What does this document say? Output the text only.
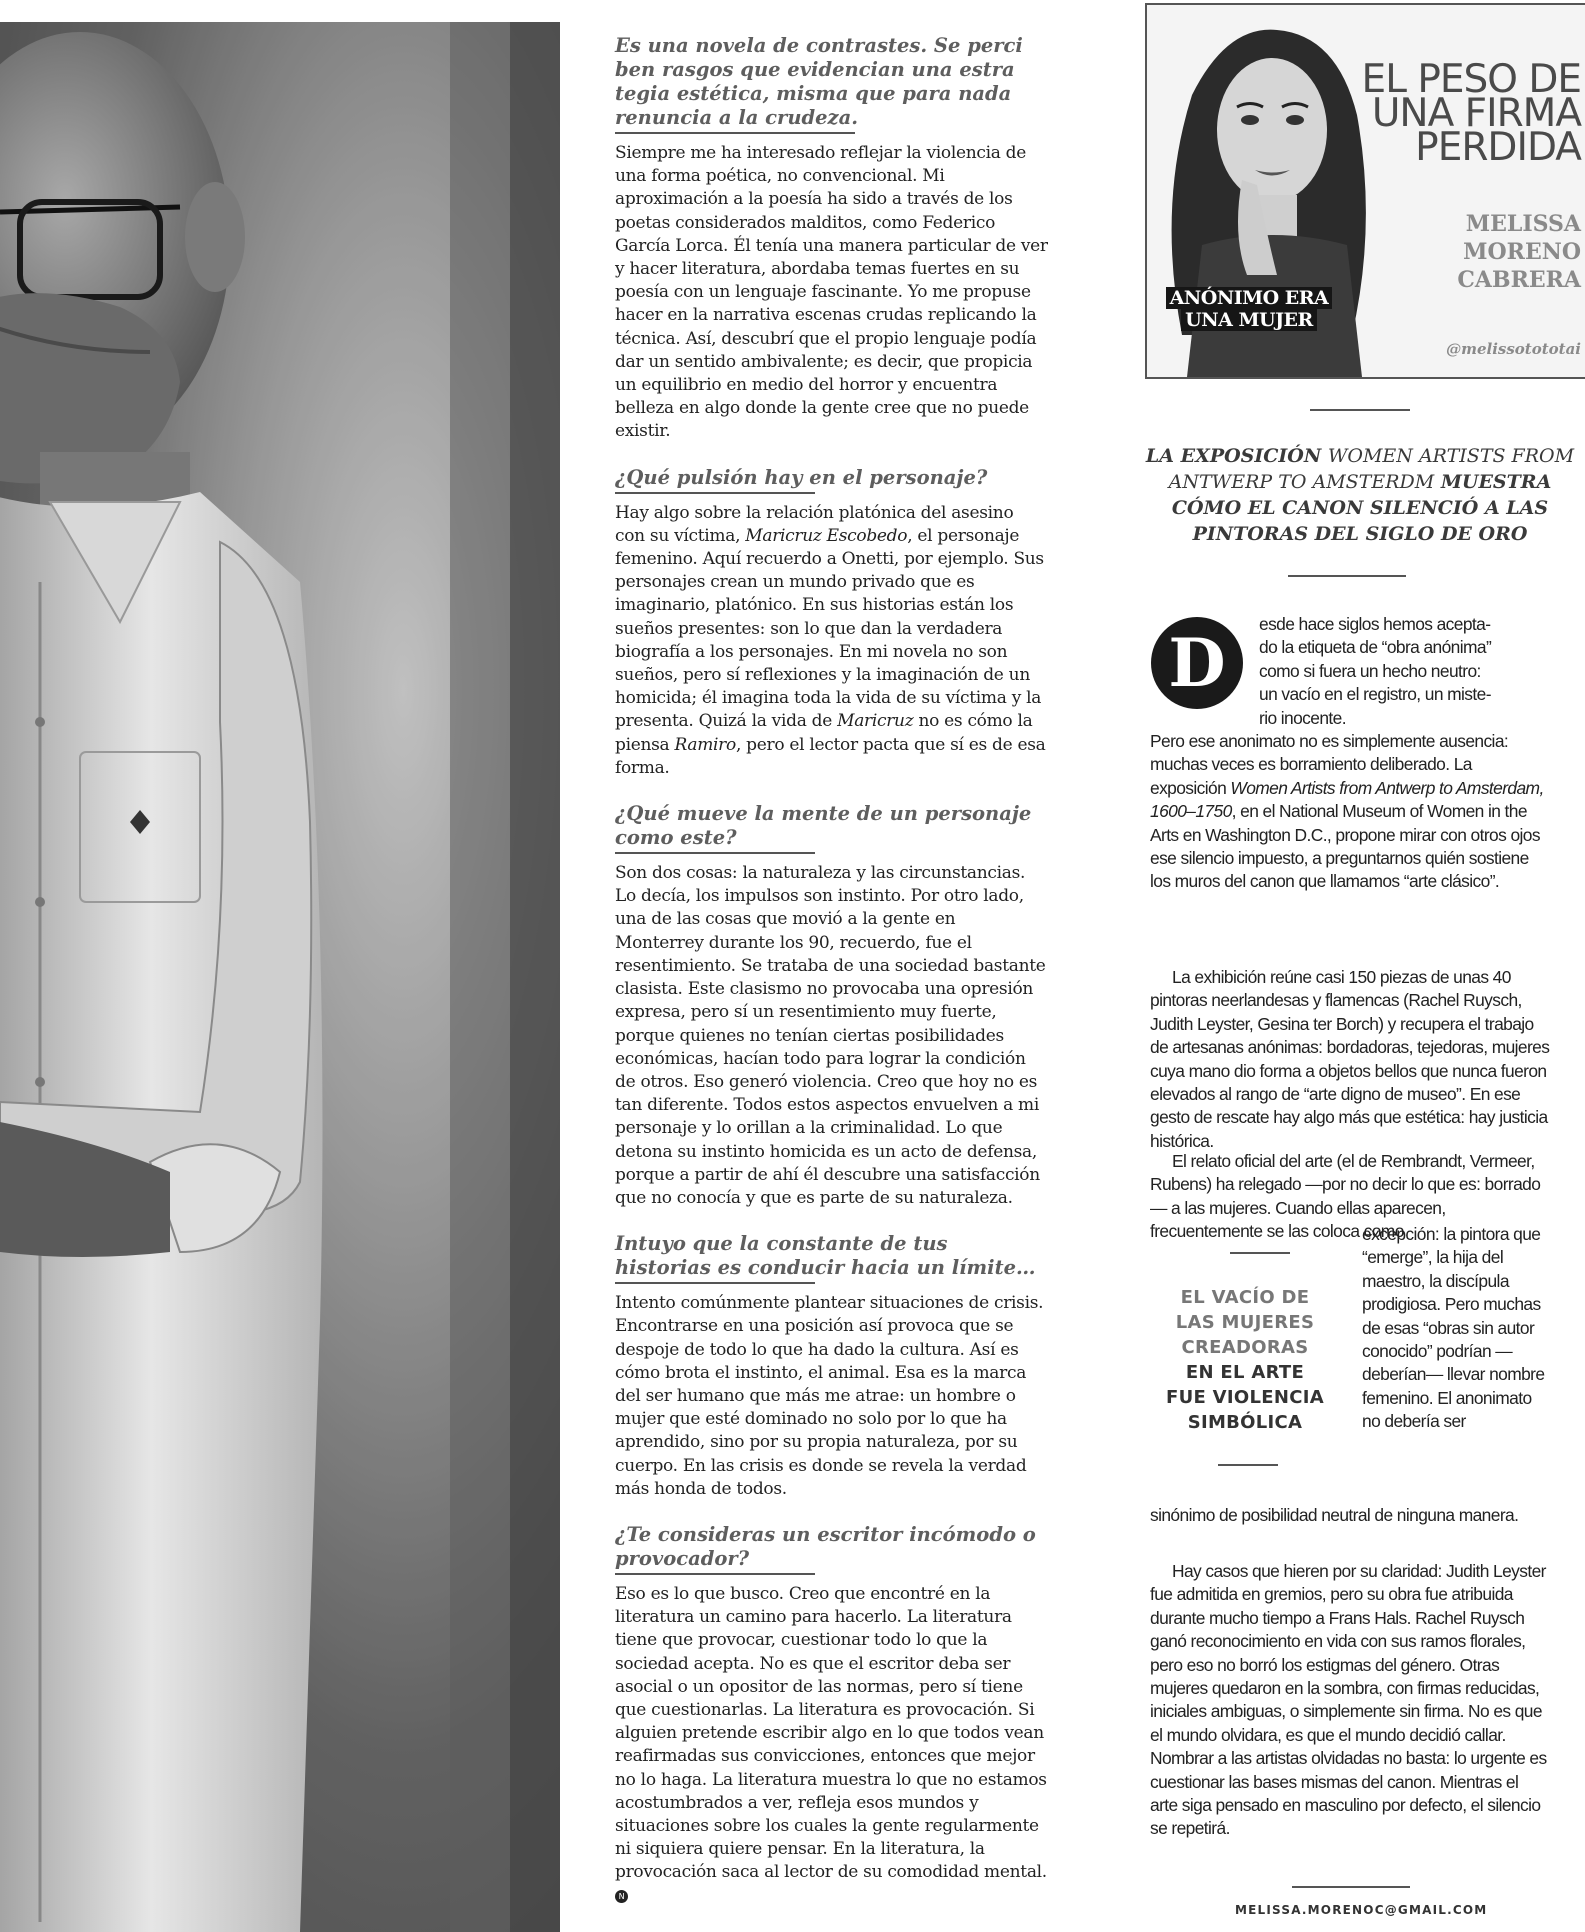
Es una novela de contrastes. Se perci
ben rasgos que evidencian una estra
tegia estética, misma que para nada
renuncia a la crudeza.

Siempre me ha interesado reflejar la violencia de una forma poética, no convencional. Mi aproximación a la poesía ha sido a través de los poetas considerados malditos, como Federico García Lorca. Él tenía una manera particular de ver y hacer literatura, abordaba temas fuertes en su poesía con un lenguaje fascinante. Yo me propuse hacer en la narrativa escenas crudas replicando la técnica. Así, descubrí que el propio lenguaje podía dar un sentido ambivalente; es decir, que propicia un equilibrio en medio del horror y encuentra belleza en algo donde la gente cree que no puede existir.

¿Qué pulsión hay en el personaje?

Hay algo sobre la relación platónica del asesino con su víctima, Maricruz Escobedo, el personaje femenino. Aquí recuerdo a Onetti, por ejemplo. Sus personajes crean un mundo privado que es imaginario, platónico. En sus historias están los sueños presentes: son lo que dan la verdadera biografía a los personajes. En mi novela no son sueños, pero sí reflexiones y la imaginación de un homicida; él imagina toda la vida de su víctima y la presenta. Quizá la vida de Maricruz no es cómo la piensa Ramiro, pero el lector pacta que sí es de esa forma.

¿Qué mueve la mente de un personaje como este?

Son dos cosas: la naturaleza y las circunstancias. Lo decía, los impulsos son instinto. Por otro lado, una de las cosas que movió a la gente en Monterrey durante los 90, recuerdo, fue el resentimiento. Se trataba de una sociedad bastante clasista. Este clasismo no provocaba una opresión expresa, pero sí un resentimiento muy fuerte, porque quienes no tenían ciertas posibilidades económicas, hacían todo para lograr la condición de otros. Eso generó violencia. Creo que hoy no es tan diferente. Todos estos aspectos envuelven a mi personaje y lo orillan a la criminalidad. Lo que detona su instinto homicida es un acto de defensa, porque a partir de ahí él descubre una satisfacción que no conocía y que es parte de su naturaleza.

Intuyo que la constante de tus historias es conducir hacia un límite…

Intento comúnmente plantear situaciones de crisis. Encontrarse en una posición así provoca que se despoje de todo lo que ha dado la cultura. Así es cómo brota el instinto, el animal. Esa es la marca del ser humano que más me atrae: un hombre o mujer que esté dominado no solo por lo que ha aprendido, sino por su propia naturaleza, por su cuerpo. En las crisis es donde se revela la verdad más honda de todos.

¿Te consideras un escritor incómodo o provocador?

Eso es lo que busco. Creo que encontré en la literatura un camino para hacerlo. La literatura tiene que provocar, cuestionar todo lo que la sociedad acepta. No es que el escritor deba ser asocial o un opositor de las normas, pero sí tiene que cuestionarlas. La literatura es provocación. Si alguien pretende escribir algo en lo que todos vean reafirmadas sus convicciones, entonces que mejor no lo haga. La literatura muestra lo que no estamos acostumbrados a ver, refleja esos mundos y situaciones sobre los cuales la gente regularmente ni siquiera quiere pensar. En la literatura, la provocación saca al lector de su comodidad mental. N

ANÓNIMO ERA
UNA MUJER
EL PESO DE
UNA FIRMA
PERDIDA
MELISSA
MORENO
CABRERA
@melissotototai

LA EXPOSICIÓN WOMEN ARTISTS FROM ANTWERP TO AMSTERDM MUESTRA CÓMO EL CANON SILENCIÓ A LAS PINTORAS DEL SIGLO DE ORO

D	esde hace siglos hemos acepta-
do la etiqueta de “obra anónima”
como si fuera un hecho neutro:
un vacío en el registro, un miste-
rio inocente.

Pero ese anonimato no es simplemente ausencia: muchas veces es borramiento deliberado. La exposición Women Artists from Antwerp to Amsterdam, 1600–1750, en el National Museum of Women in the Arts en Washington D.C., propone mirar con otros ojos ese silencio impuesto, a preguntarnos quién sostiene los muros del canon que llamamos “arte clásico”.

La exhibición reúne casi 150 piezas de unas 40 pintoras neerlandesas y flamencas (Rachel Ruysch, Judith Leyster, Gesina ter Borch) y recupera el trabajo de artesanas anónimas: bordadoras, tejedoras, mujeres cuya mano dio forma a objetos bellos que nunca fueron elevados al rango de “arte digno de museo”. En ese gesto de rescate hay algo más que estética: hay justicia histórica.

El relato oficial del arte (el de Rembrandt, Vermeer, Rubens) ha relegado —por no decir lo que es: borrado— a las mujeres. Cuando ellas aparecen, frecuentemente se las coloca como

EL VACÍO DE
LAS MUJERES
CREADORAS
EN EL ARTE
FUE VIOLENCIA
SIMBÓLICA

excepción: la pintora que “emerge”, la hija del maestro, la discípula prodigiosa. Pero muchas de esas “obras sin autor conocido” podrían —deberían— llevar nombre femenino. El anonimato no debería ser

sinónimo de posibilidad neutral de ninguna manera.

Hay casos que hieren por su claridad: Judith Leyster fue admitida en gremios, pero su obra fue atribuida durante mucho tiempo a Frans Hals. Rachel Ruysch ganó reconocimiento en vida con sus ramos florales, pero eso no borró los estigmas del género. Otras mujeres quedaron en la sombra, con firmas reducidas, iniciales ambiguas, o simplemente sin firma. No es que el mundo olvidara, es que el mundo decidió callar. Nombrar a las artistas olvidadas no basta: lo urgente es cuestionar las bases mismas del canon. Mientras el arte siga pensado en masculino por defecto, el silencio se repetirá.

MELISSA.MORENOC@GMAIL.COM
